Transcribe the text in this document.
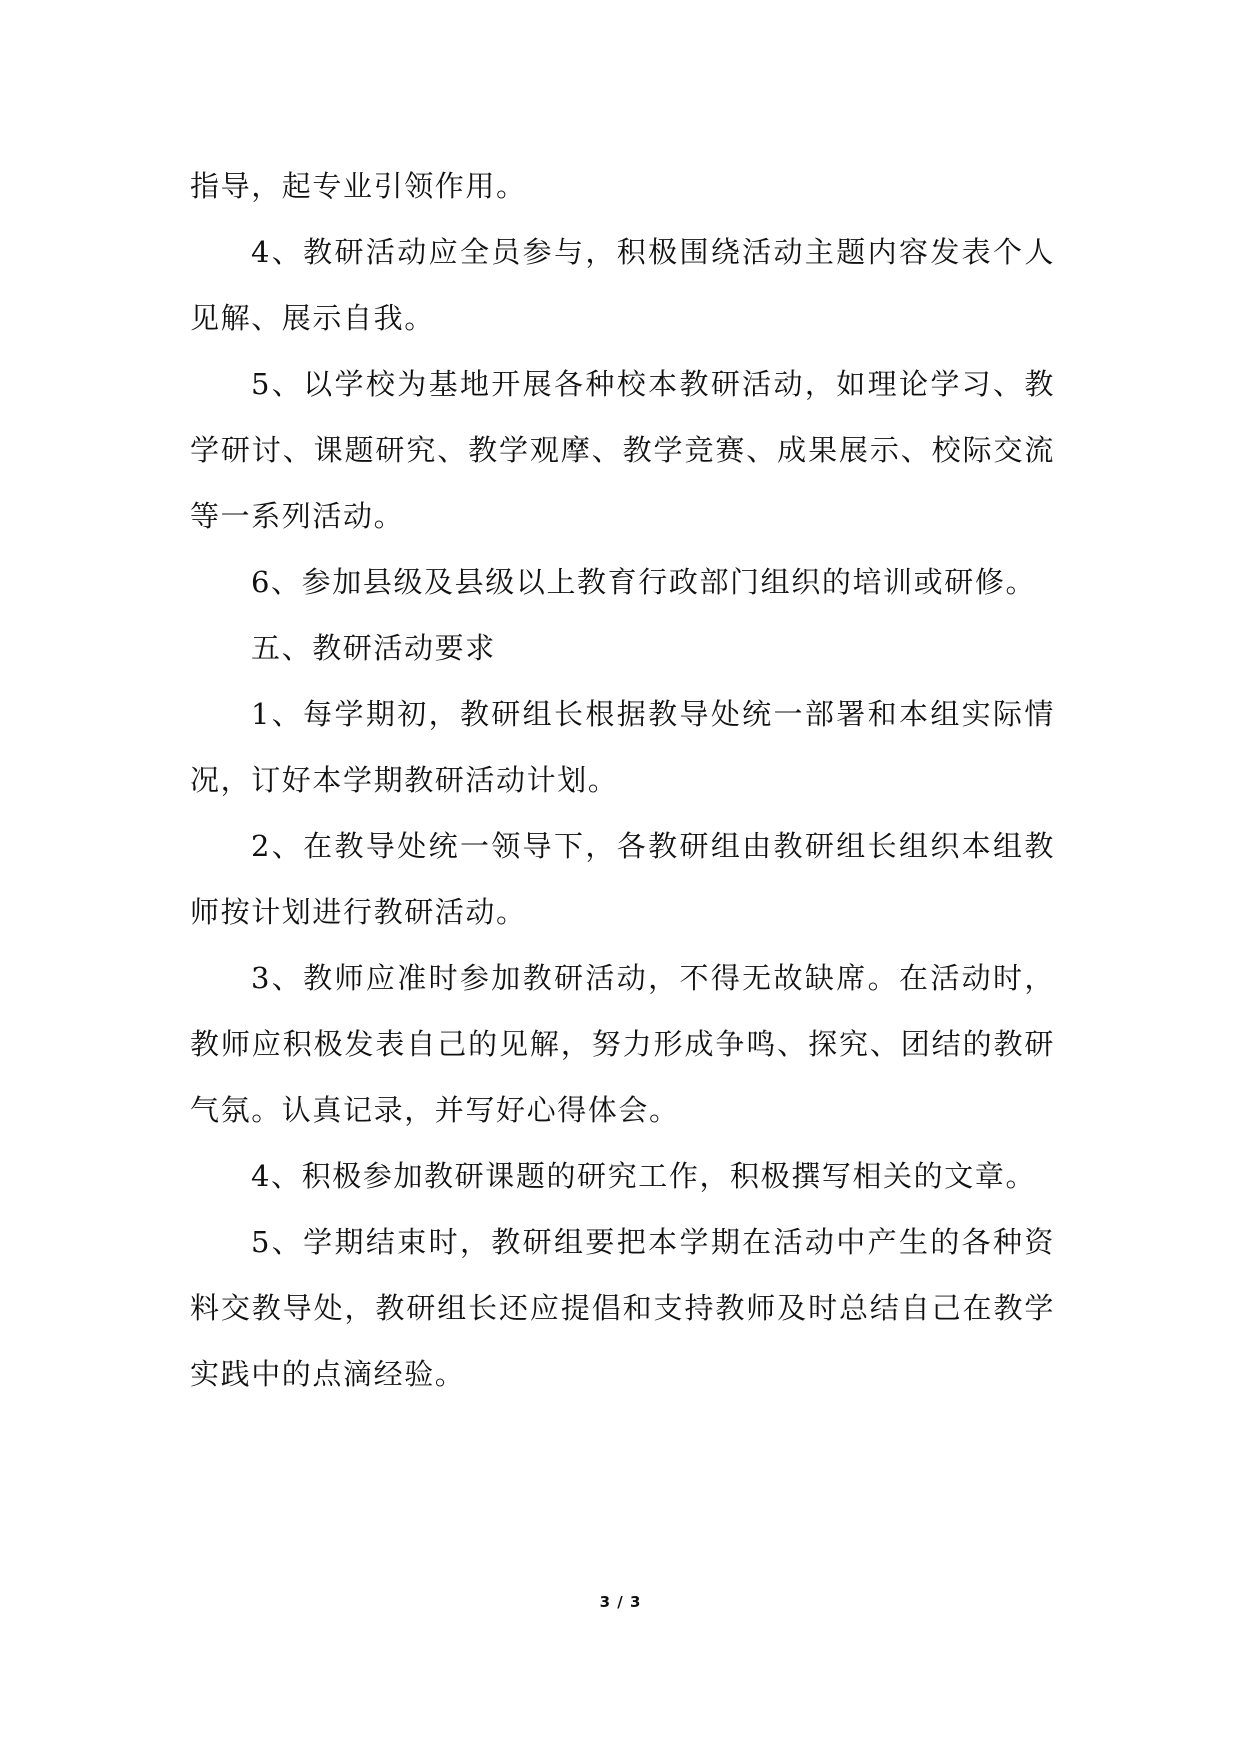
指导，起专业引领作用。

4、教研活动应全员参与，积极围绕活动主题内容发表个人见解、展示自我。

5、以学校为基地开展各种校本教研活动，如理论学习、教学研讨、课题研究、教学观摩、教学竞赛、成果展示、校际交流等一系列活动。

6、参加县级及县级以上教育行政部门组织的培训或研修。

五、教研活动要求

1、每学期初，教研组长根据教导处统一部署和本组实际情况，订好本学期教研活动计划。

2、在教导处统一领导下，各教研组由教研组长组织本组教师按计划进行教研活动。

3、教师应准时参加教研活动，不得无故缺席。在活动时，教师应积极发表自己的见解，努力形成争鸣、探究、团结的教研气氛。认真记录，并写好心得体会。

4、积极参加教研课题的研究工作，积极撰写相关的文章。

5、学期结束时，教研组要把本学期在活动中产生的各种资料交教导处，教研组长还应提倡和支持教师及时总结自己在教学实践中的点滴经验。

3 / 3
